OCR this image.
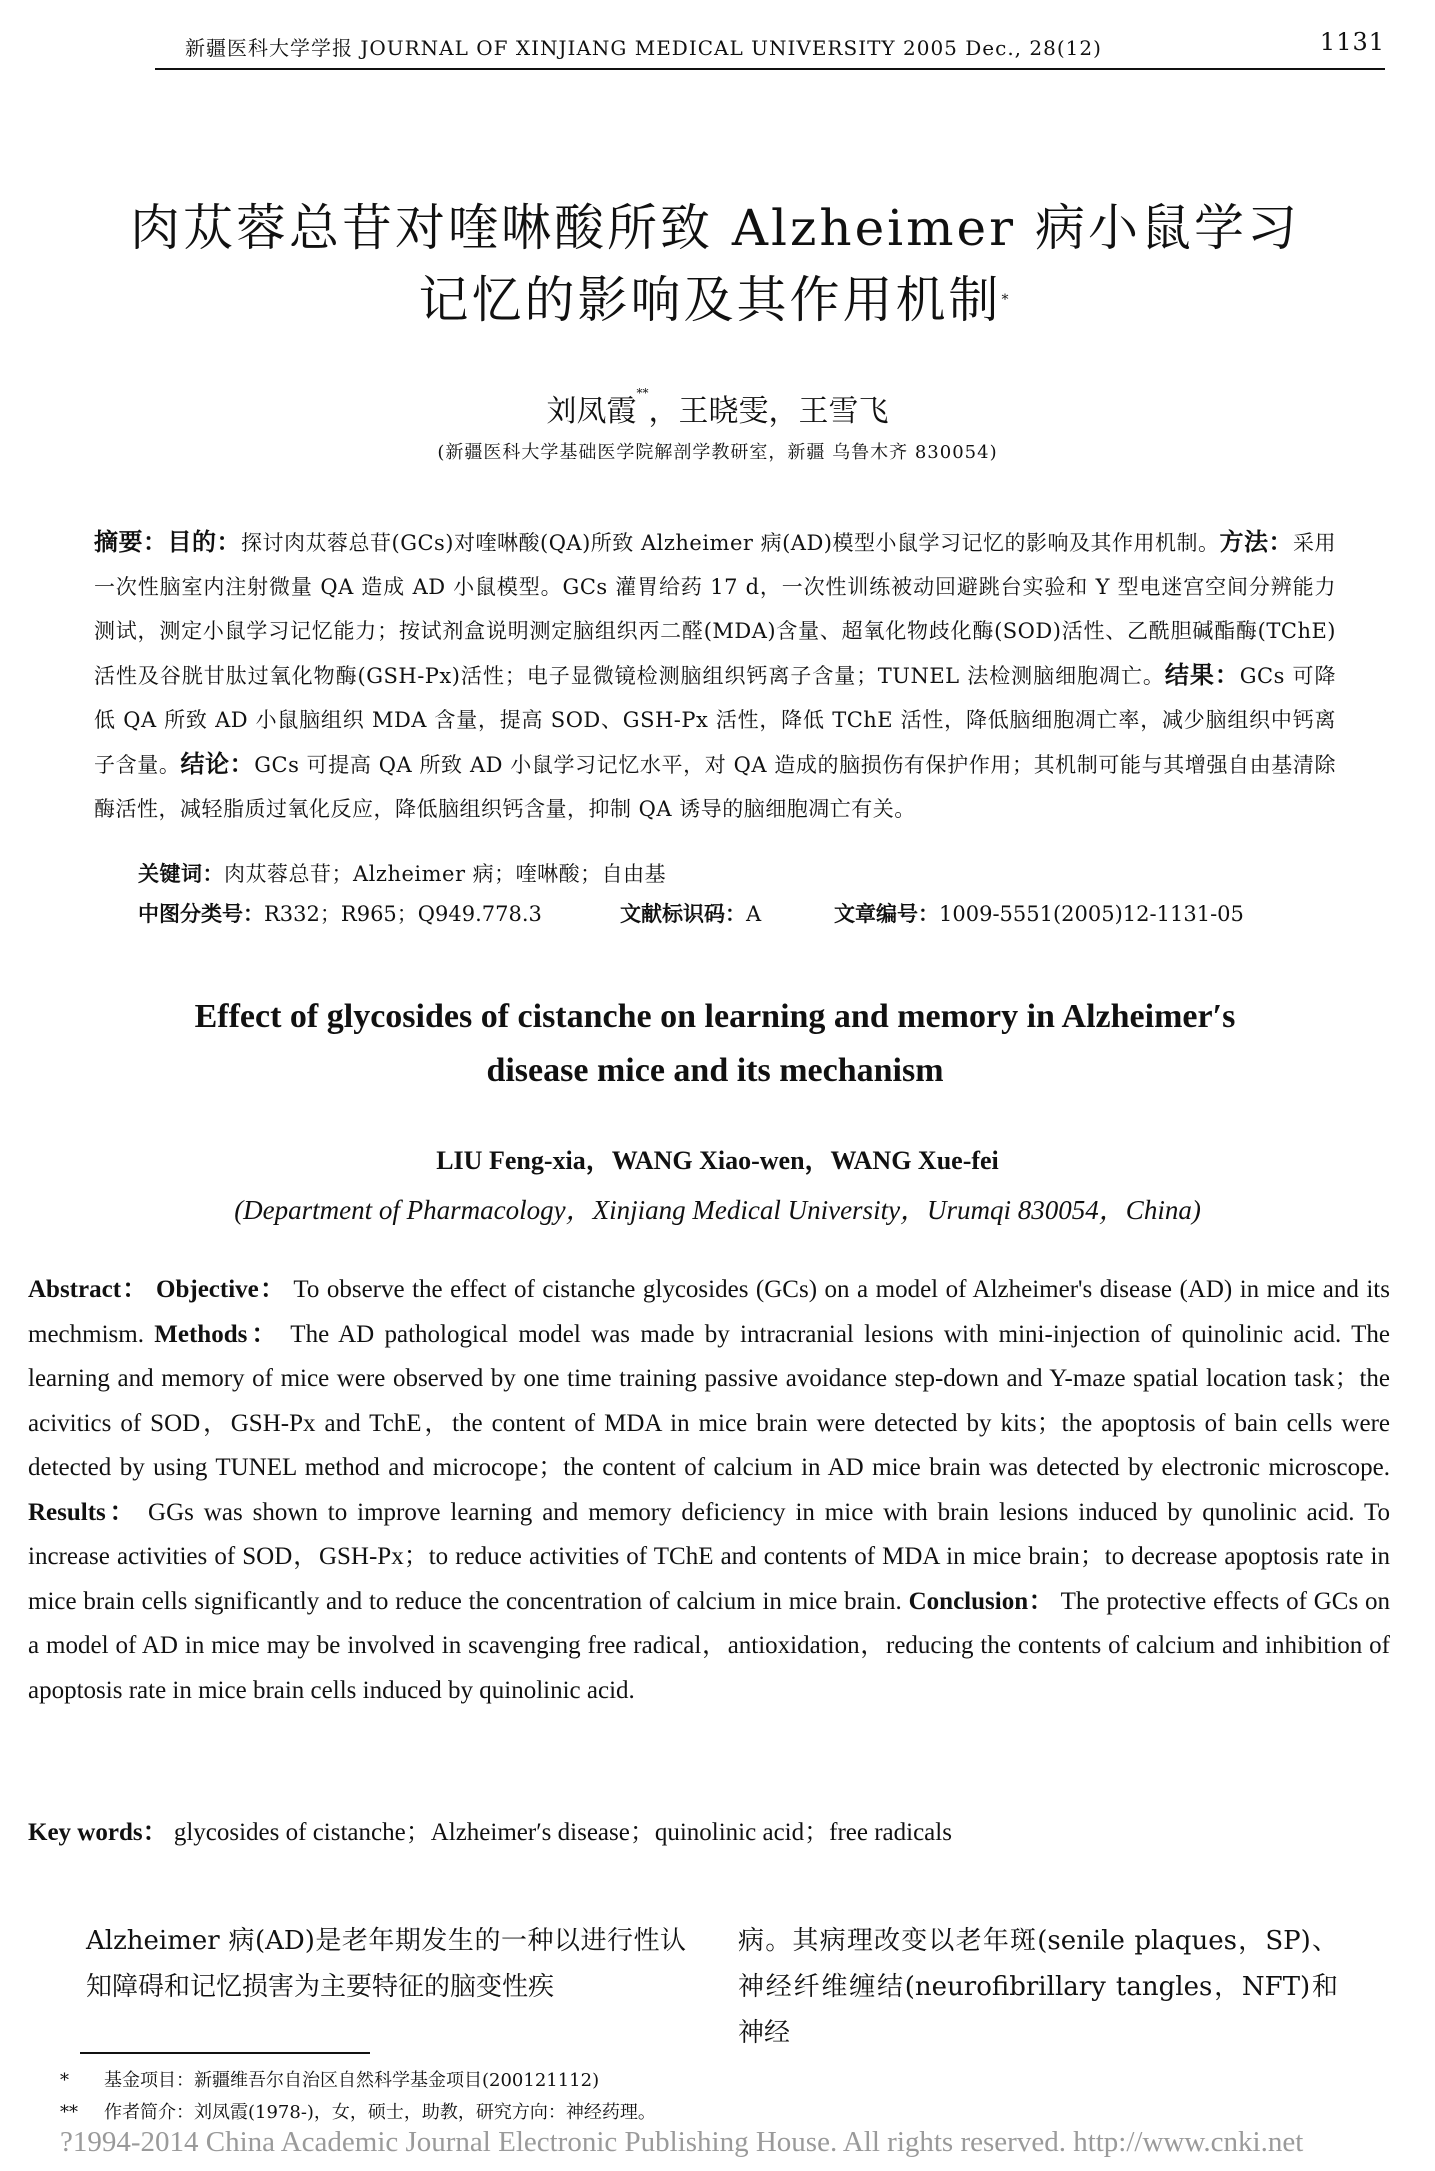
新疆医科大学学报 JOURNAL OF XINJIANG MEDICAL UNIVERSITY 2005 Dec., 28(12)	1131
肉苁蓉总苷对喹啉酸所致 Alzheimer 病小鼠学习
记忆的影响及其作用机制*
刘凤霞**，王晓雯，王雪飞
(新疆医科大学基础医学院解剖学教研室，新疆 乌鲁木齐 830054)
摘要：目的：探讨肉苁蓉总苷(GCs)对喹啉酸(QA)所致 Alzheimer 病(AD)模型小鼠学习记忆的影响及其作用机制。方法：采用一次性脑室内注射微量 QA 造成 AD 小鼠模型。GCs 灌胃给药 17 d，一次性训练被动回避跳台实验和 Y 型电迷宫空间分辨能力测试，测定小鼠学习记忆能力；按试剂盒说明测定脑组织丙二醛(MDA)含量、超氧化物歧化酶(SOD)活性、乙酰胆碱酯酶(TChE)活性及谷胱甘肽过氧化物酶(GSH-Px)活性；电子显微镜检测脑组织钙离子含量；TUNEL 法检测脑细胞凋亡。结果：GCs 可降低 QA 所致 AD 小鼠脑组织 MDA 含量，提高 SOD、GSH-Px 活性，降低 TChE 活性，降低脑细胞凋亡率，减少脑组织中钙离子含量。结论：GCs 可提高 QA 所致 AD 小鼠学习记忆水平，对 QA 造成的脑损伤有保护作用；其机制可能与其增强自由基清除酶活性，减轻脂质过氧化反应，降低脑组织钙含量，抑制 QA 诱导的脑细胞凋亡有关。
关键词：肉苁蓉总苷；Alzheimer 病；喹啉酸；自由基
中图分类号：R332；R965；Q949.778.3	文献标识码：A	文章编号：1009-5551(2005)12-1131-05
Effect of glycosides of cistanche on learning and memory in Alzheimer′s
disease mice and its mechanism
LIU Feng-xia，WANG Xiao-wen，WANG Xue-fei
(Department of Pharmacology，Xinjiang Medical University，Urumqi 830054，China)
Abstract： Objective： To observe the effect of cistanche glycosides (GCs) on a model of Alzheimer's disease (AD) in mice and its mechmism. Methods： The AD pathological model was made by intracranial lesions with mini-injection of quinolinic acid. The learning and memory of mice were observed by one time training passive avoidance step-down and Y-maze spatial location task；the acivitics of SOD，GSH-Px and TchE，the content of MDA in mice brain were detected by kits；the apoptosis of bain cells were detected by using TUNEL method and microcope；the content of calcium in AD mice brain was detected by electronic microscope. Results： GGs was shown to improve learning and memory deficiency in mice with brain lesions induced by qunolinic acid. To increase activities of SOD，GSH-Px；to reduce activities of TChE and contents of MDA in mice brain；to decrease apoptosis rate in mice brain cells significantly and to reduce the concentration of calcium in mice brain. Conclusion： The protective effects of GCs on a model of AD in mice may be involved in scavenging free radical，antioxidation，reducing the contents of calcium and inhibition of apoptosis rate in mice brain cells induced by quinolinic acid.
Key words： glycosides of cistanche；Alzheimer′s disease；quinolinic acid；free radicals
Alzheimer 病(AD)是老年期发生的一种以进行性认知障碍和记忆损害为主要特征的脑变性疾
病。其病理改变以老年斑(senile plaques，SP)、神经纤维缠结(neurofibrillary tangles，NFT)和神经
* 基金项目：新疆维吾尔自治区自然科学基金项目(200121112)
** 作者简介：刘凤霞(1978-)，女，硕士，助教，研究方向：神经药理。
?1994-2014 China Academic Journal Electronic Publishing House. All rights reserved. http://www.cnki.net
